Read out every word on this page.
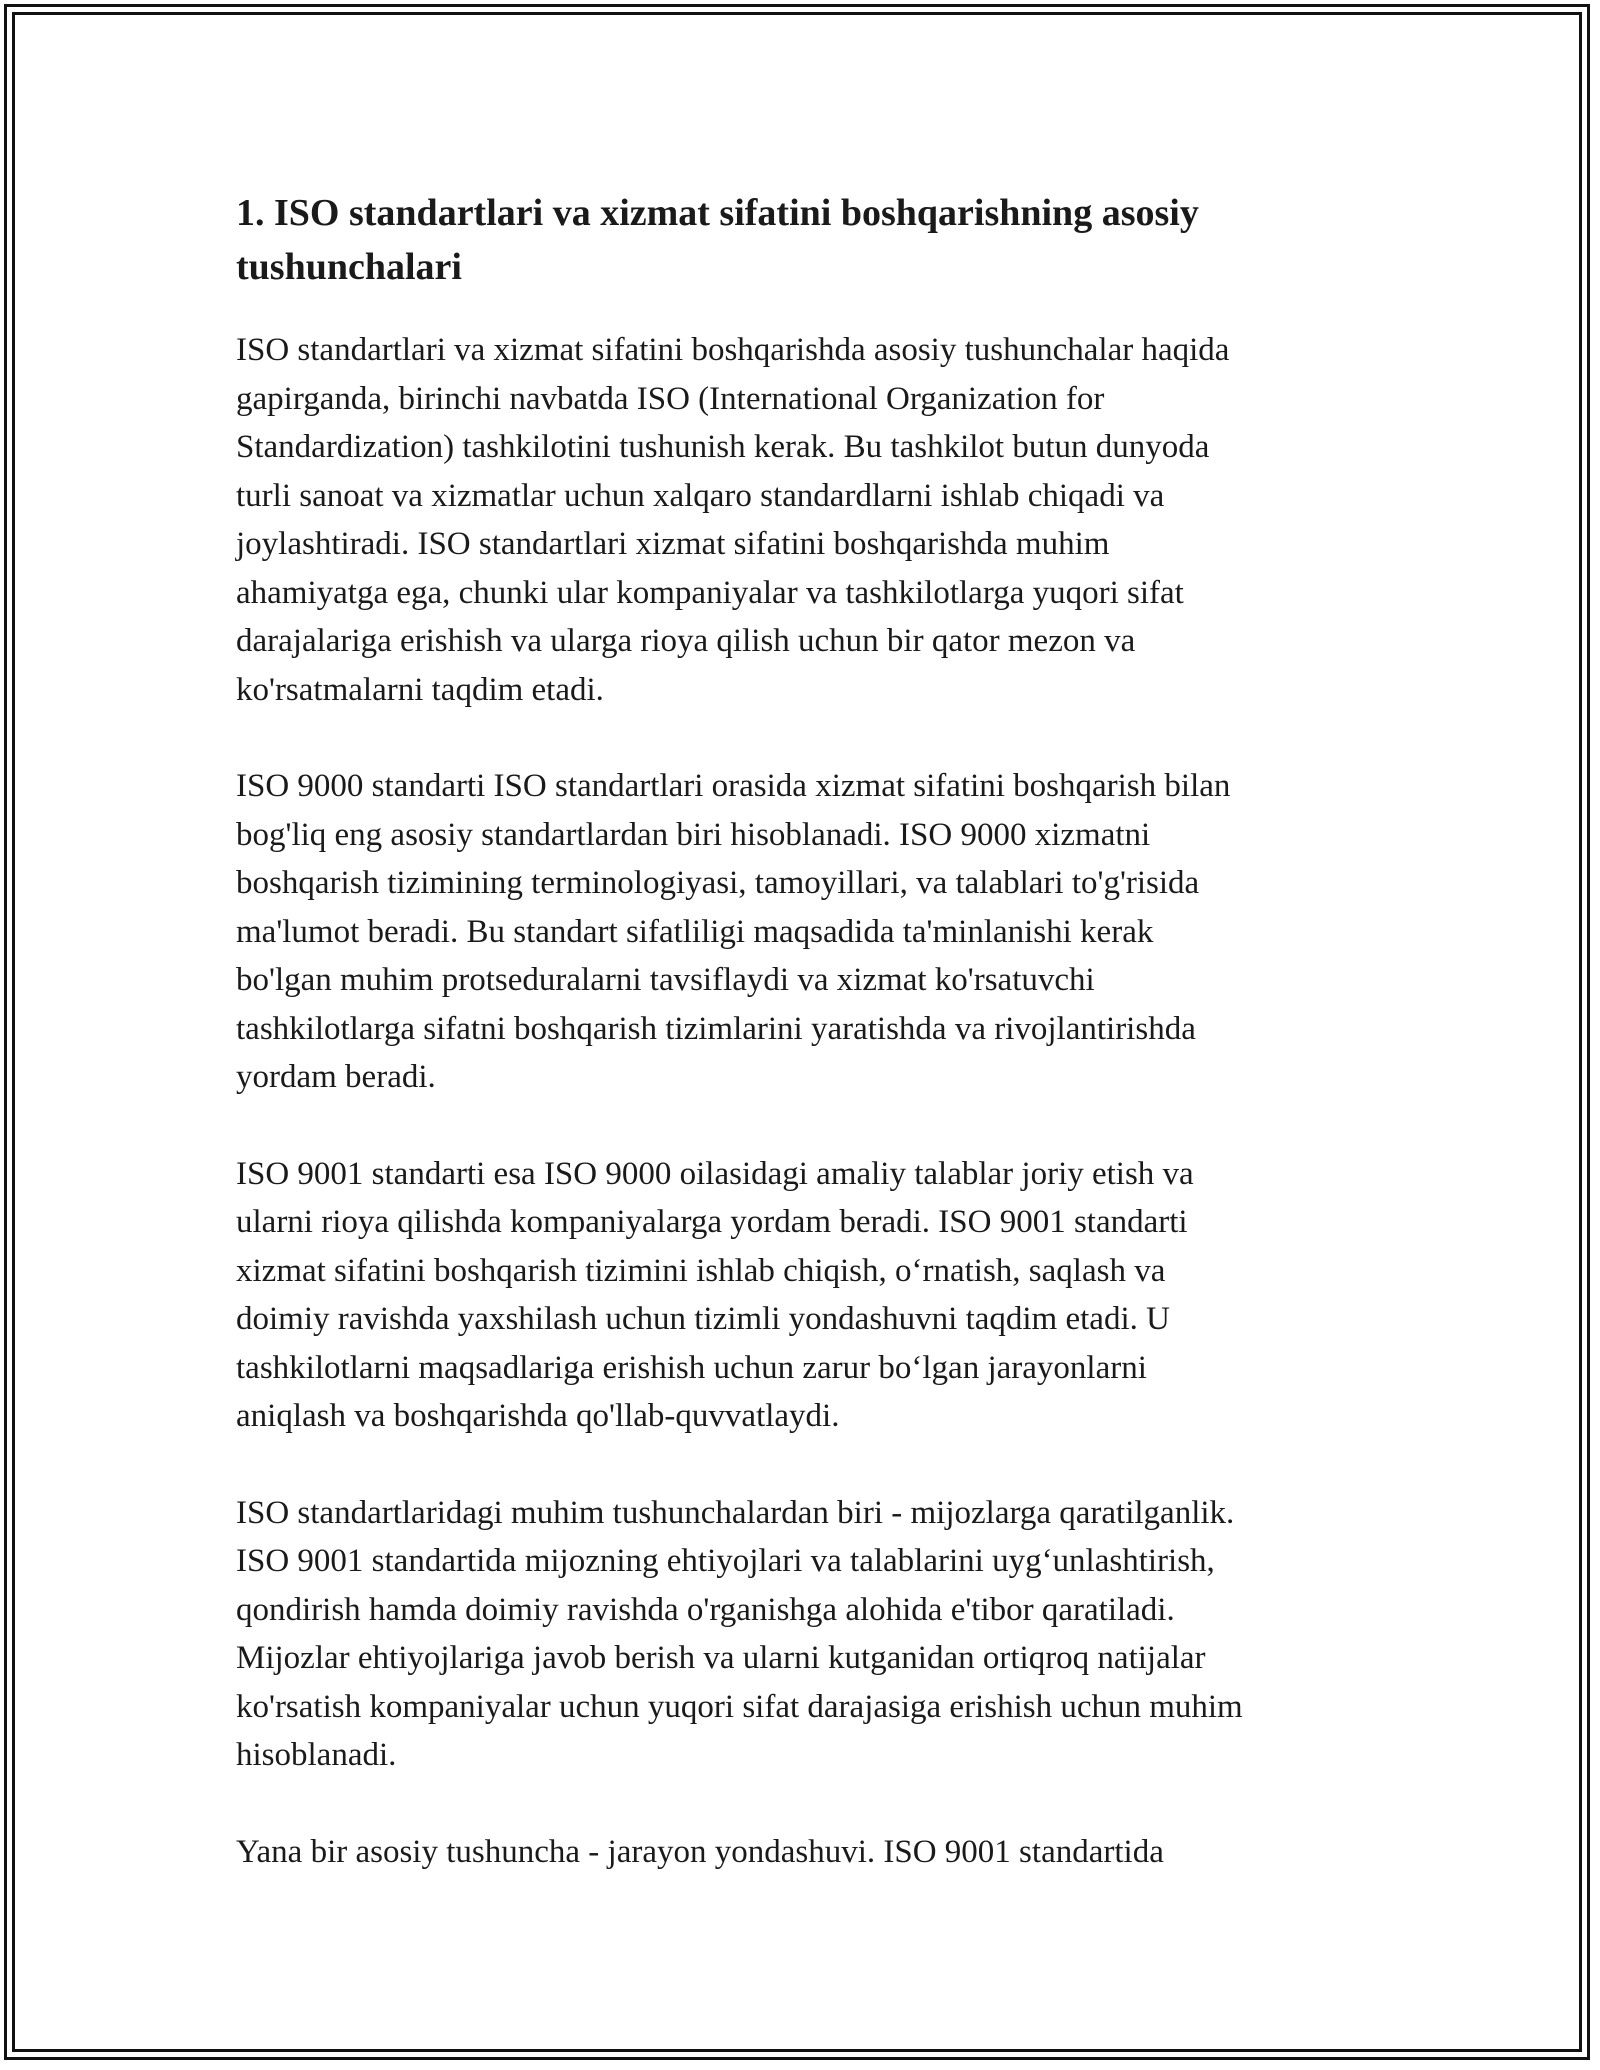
1. ISO standartlari va xizmat sifatini boshqarishning asosiy tushunchalari

ISO standartlari va xizmat sifatini boshqarishda asosiy tushunchalar haqida
gapirganda, birinchi navbatda ISO (International Organization for
Standardization) tashkilotini tushunish kerak. Bu tashkilot butun dunyoda
turli sanoat va xizmatlar uchun xalqaro standardlarni ishlab chiqadi va
joylashtiradi. ISO standartlari xizmat sifatini boshqarishda muhim
ahamiyatga ega, chunki ular kompaniyalar va tashkilotlarga yuqori sifat
darajalariga erishish va ularga rioya qilish uchun bir qator mezon va
ko'rsatmalarni taqdim etadi.

ISO 9000 standarti ISO standartlari orasida xizmat sifatini boshqarish bilan
bog'liq eng asosiy standartlardan biri hisoblanadi. ISO 9000 xizmatni
boshqarish tizimining terminologiyasi, tamoyillari, va talablari to'g'risida
ma'lumot beradi. Bu standart sifatliligi maqsadida ta'minlanishi kerak
bo'lgan muhim protseduralarni tavsiflaydi va xizmat ko'rsatuvchi
tashkilotlarga sifatni boshqarish tizimlarini yaratishda va rivojlantirishda
yordam beradi.

ISO 9001 standarti esa ISO 9000 oilasidagi amaliy talablar joriy etish va
ularni rioya qilishda kompaniyalarga yordam beradi. ISO 9001 standarti
xizmat sifatini boshqarish tizimini ishlab chiqish, o‘rnatish, saqlash va
doimiy ravishda yaxshilash uchun tizimli yondashuvni taqdim etadi. U
tashkilotlarni maqsadlariga erishish uchun zarur bo‘lgan jarayonlarni
aniqlash va boshqarishda qo'llab-quvvatlaydi.

ISO standartlaridagi muhim tushunchalardan biri - mijozlarga qaratilganlik.
ISO 9001 standartida mijozning ehtiyojlari va talablarini uyg‘unlashtirish,
qondirish hamda doimiy ravishda o'rganishga alohida e'tibor qaratiladi.
Mijozlar ehtiyojlariga javob berish va ularni kutganidan ortiqroq natijalar
ko'rsatish kompaniyalar uchun yuqori sifat darajasiga erishish uchun muhim
hisoblanadi.

Yana bir asosiy tushuncha - jarayon yondashuvi. ISO 9001 standartida
